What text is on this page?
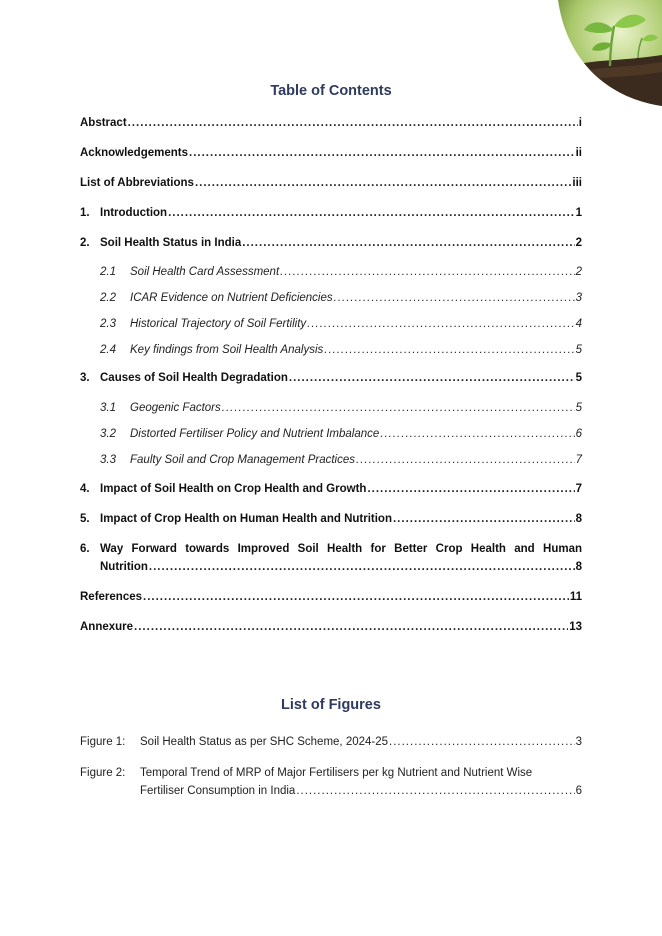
Table of Contents
Abstract .....	i
Acknowledgements .....	ii
List of Abbreviations .....	iii
1. Introduction .....	1
2. Soil Health Status in India .....	2
2.1	Soil Health Card Assessment .....	2
2.2	ICAR Evidence on Nutrient Deficiencies .....	3
2.3	Historical Trajectory of Soil Fertility .....	4
2.4	Key findings from Soil Health Analysis .....	5
3. Causes of Soil Health Degradation .....	5
3.1	Geogenic Factors .....	5
3.2	Distorted Fertiliser Policy and Nutrient Imbalance .....	6
3.3	Faulty Soil and Crop Management Practices .....	7
4. Impact of Soil Health on Crop Health and Growth .....	7
5. Impact of Crop Health on Human Health and Nutrition .....	8
6. Way Forward towards Improved Soil Health for Better Crop Health and Human
Nutrition .....	8
References .....	11
Annexure .....	13
List of Figures
Figure 1: Soil Health Status as per SHC Scheme, 2024-25 .....	3
Figure 2: Temporal Trend of MRP of Major Fertilisers per kg Nutrient and Nutrient Wise
Fertiliser Consumption in India .....	6
